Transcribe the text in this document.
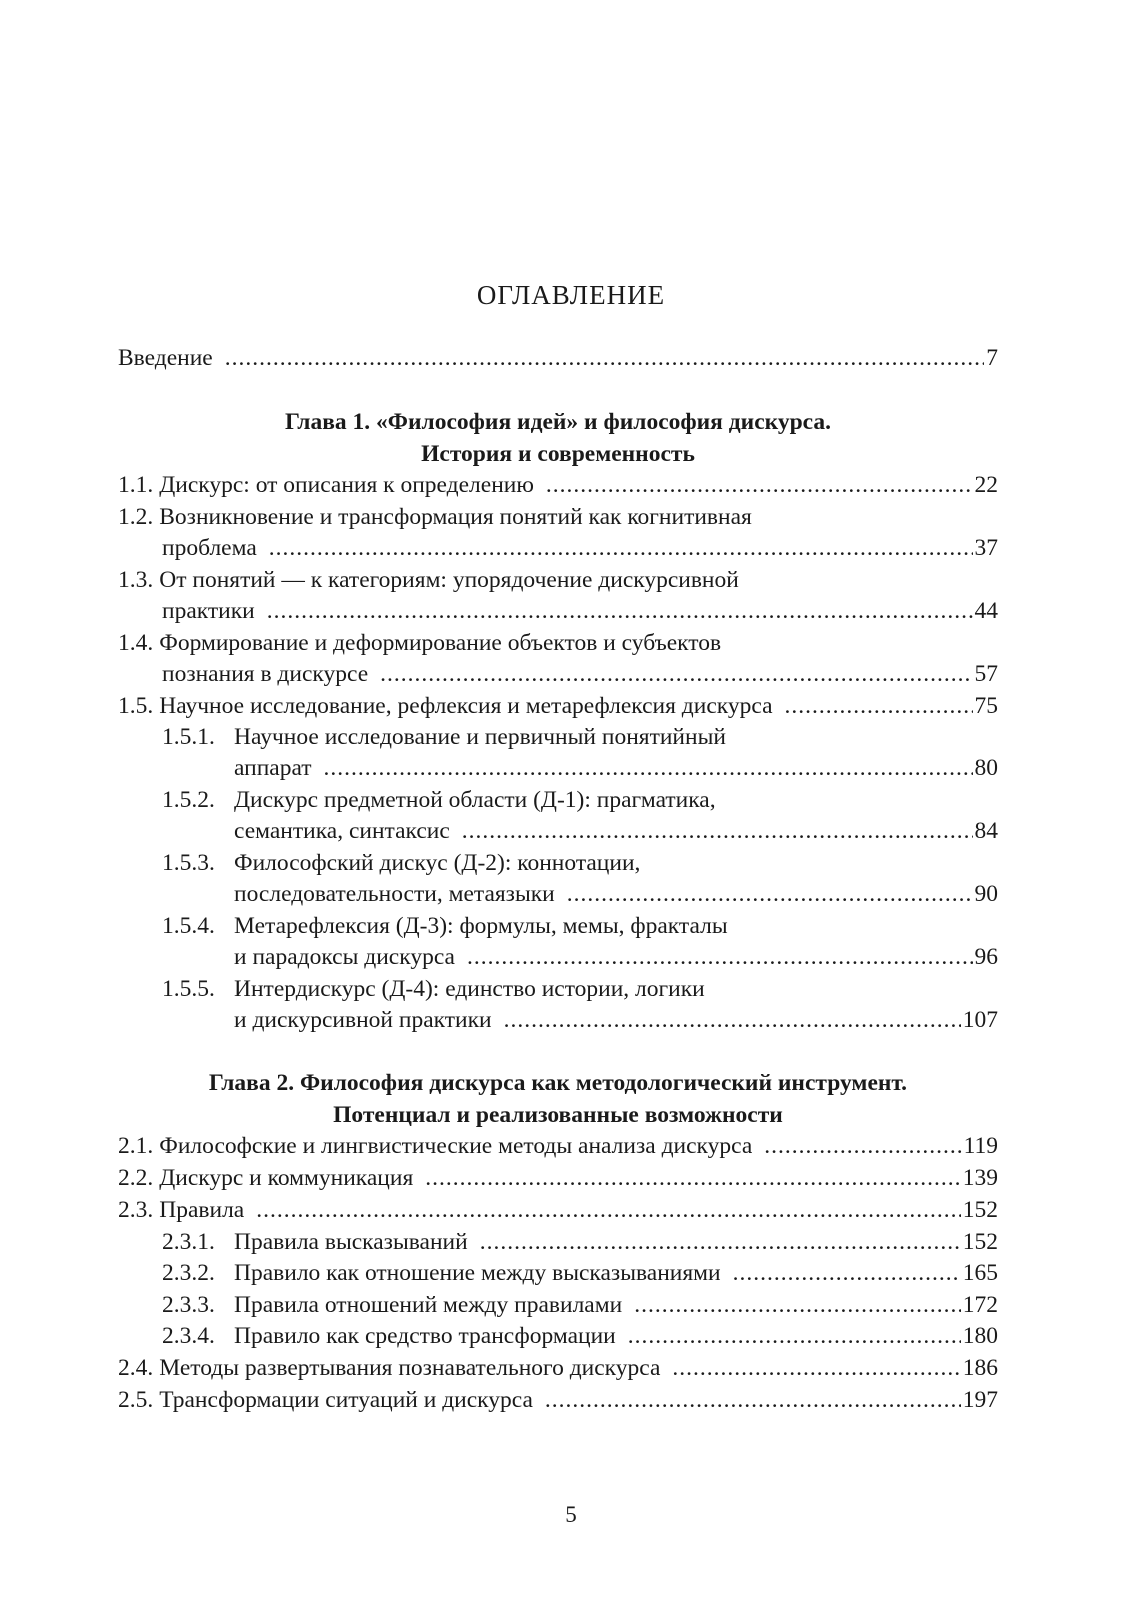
ОГЛАВЛЕНИЕ
Введение .....	7
Глава 1. «Философия идей» и философия дискурса.
История и современность
1.1. Дискурс: от описания к определению .....	22
1.2. Возникновение и трансформация понятий как когнитивная
проблема .....	37
1.3. От понятий — к категориям: упорядочение дискурсивной
практики .....	44
1.4. Формирование и деформирование объектов и субъектов
познания в дискурсе .....	57
1.5. Научное исследование, рефлексия и метарефлексия дискурса .....	75
1.5.1. Научное исследование и первичный понятийный
аппарат .....	80
1.5.2. Дискурс предметной области (Д-1): прагматика,
семантика, синтаксис .....	84
1.5.3. Философский дискус (Д-2): коннотации,
последовательности, метаязыки .....	90
1.5.4. Метарефлексия (Д-3): формулы, мемы, фракталы
и парадоксы дискурса .....	96
1.5.5. Интердискурс (Д-4): единство истории, логики
и дискурсивной практики .....	107
Глава 2. Философия дискурса как методологический инструмент.
Потенциал и реализованные возможности
2.1. Философские и лингвистические методы анализа дискурса .....	119
2.2. Дискурс и коммуникация .....	139
2.3. Правила .....	152
2.3.1. Правила высказываний .....	152
2.3.2. Правило как отношение между высказываниями .....	165
2.3.3. Правила отношений между правилами .....	172
2.3.4. Правило как средство трансформации .....	180
2.4. Методы развертывания познавательного дискурса .....	186
2.5. Трансформации ситуаций и дискурса .....	197
5
